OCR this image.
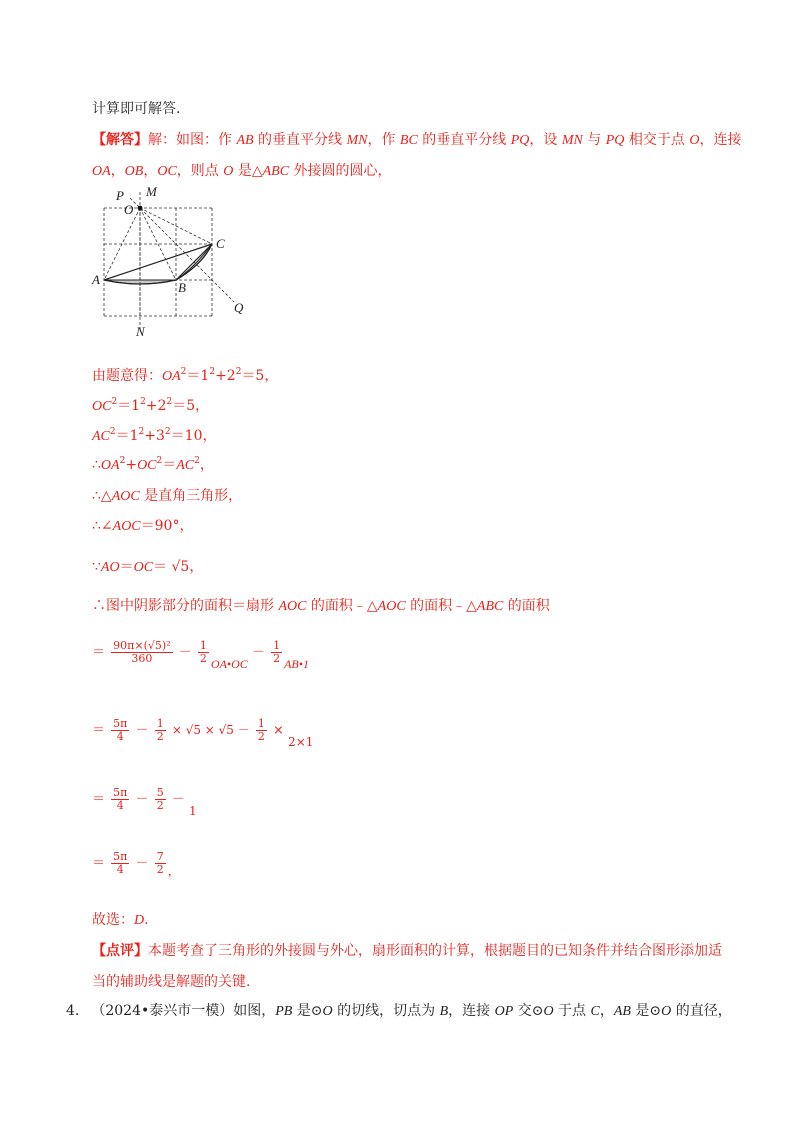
计算即可解答.
【解答】解：如图：作 AB 的垂直平分线 MN，作 BC 的垂直平分线 PQ，设 MN 与 PQ 相交于点 O，连接
OA，OB，OC，则点 O 是△ABC 外接圆的圆心，
P M
O
C
A
B
Q
N
由题意得：$OA^2=1^2+2^2=5$，
$OC^2=1^2+2^2=5$，
$AC^2=1^2+3^2=10$，
$\therefore OA^2+OC^2=AC^2$，
∴△AOC 是直角三角形，
∴∠AOC＝90°，
∵AO＝OC＝ √5，
∴图中阴影部分的面积＝扇形 AOC 的面积﹣△AOC 的面积﹣△ABC 的面积
＝ $\frac{\text{90π×(√5)²}}{360} - \frac{1}{2}$ OA•OC － $\frac{1}{2}$ AB•1
＝ $\frac{5\pi}{4} - \frac{1}{2} \times √5 \times √5 - \frac{1}{2} \times 2\times 1$
＝ $\frac{5\pi}{4} - \frac{5}{2} - 1$
＝ $\frac{5\pi}{4} - \frac{7}{2}$ ，
故选：D.
【点评】本题考查了三角形的外接圆与外心，扇形面积的计算，根据题目的已知条件并结合图形添加适
当的辅助线是解题的关键.
4. （2024•泰兴市一模）如图，PB 是⊙O 的切线，切点为 B，连接 OP 交⊙O 于点 C，AB 是⊙O 的直径，
